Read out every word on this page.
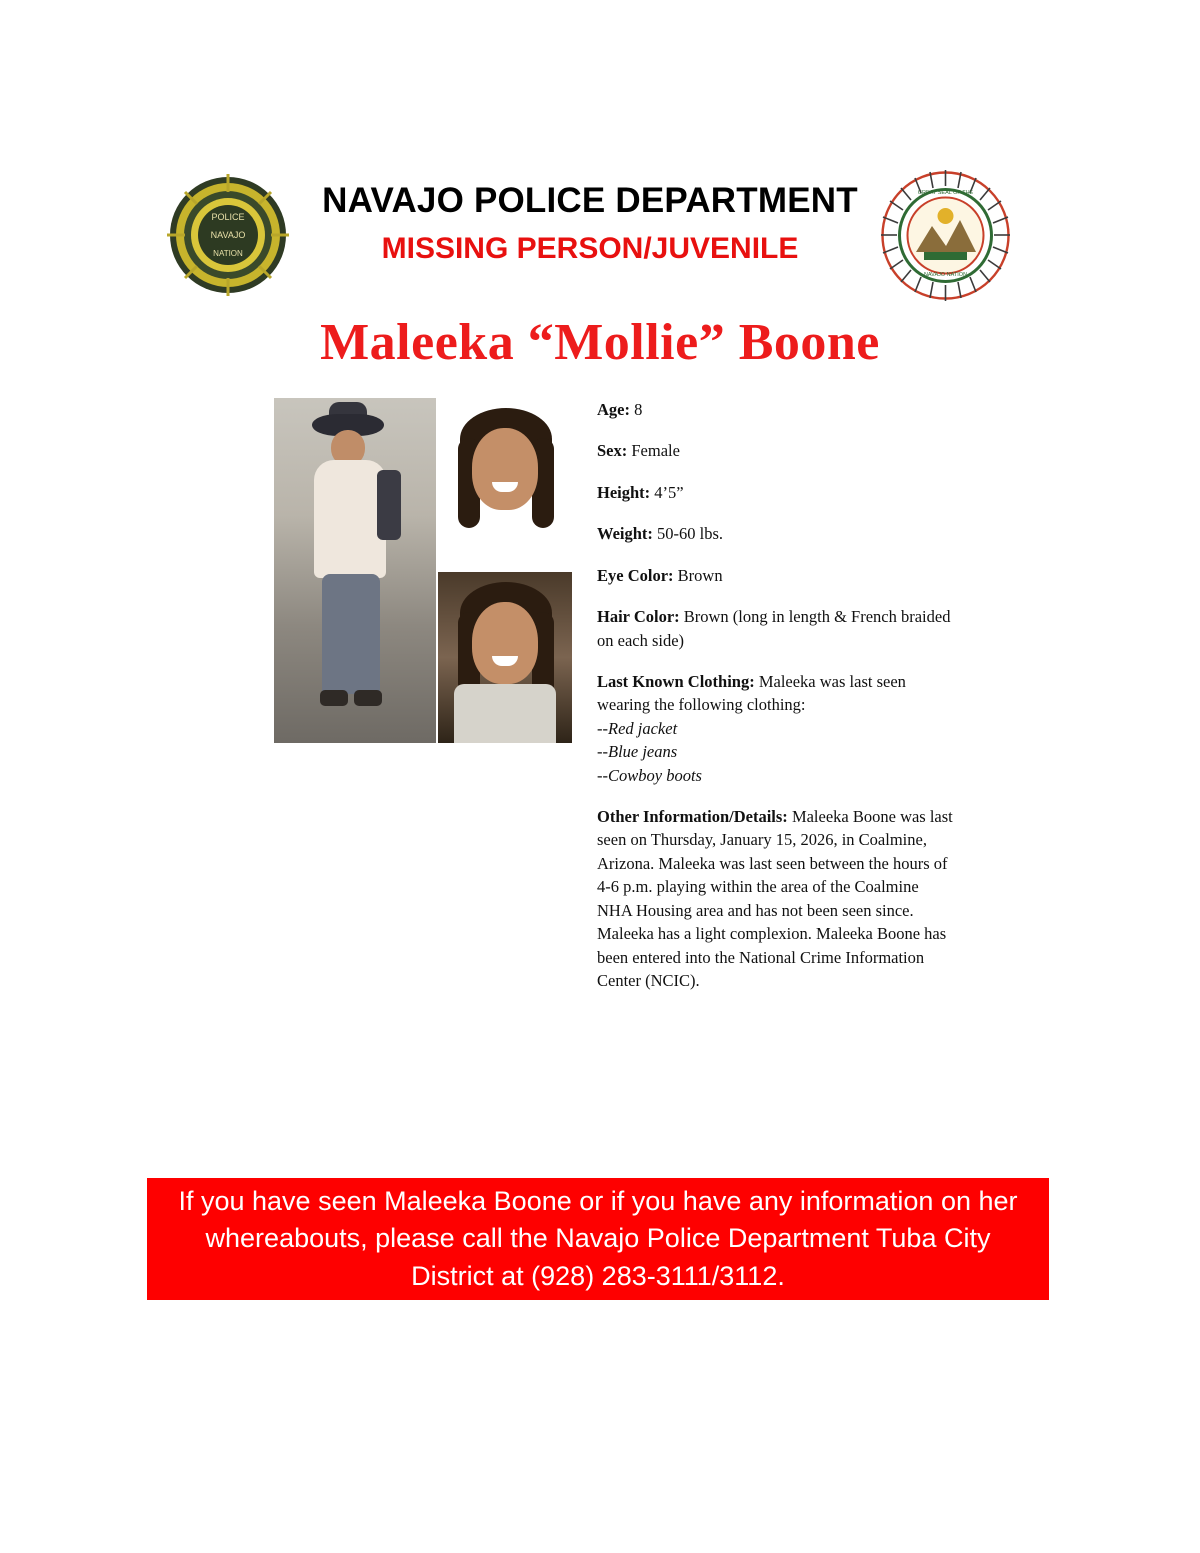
POLICE
NAVAJO
NATION
NAVAJO POLICE DEPARTMENT
MISSING PERSON/JUVENILE
GREAT SEAL OF THE
NAVAJO NATION
Maleeka “Mollie” Boone
Age: 8
Sex: Female
Height: 4’5”
Weight: 50-60 lbs.
Eye Color: Brown
Hair Color: Brown (long in length & French braided on each side)
Last Known Clothing: Maleeka was last seen wearing the following clothing:
--Red jacket
--Blue jeans
--Cowboy boots
Other Information/Details: Maleeka Boone was last seen on Thursday, January 15, 2026, in Coalmine, Arizona. Maleeka was last seen between the hours of 4-6 p.m. playing within the area of the Coalmine NHA Housing area and has not been seen since. Maleeka has a light complexion. Maleeka Boone has been entered into the National Crime Information Center (NCIC).
If you have seen Maleeka Boone or if you have any information on her whereabouts, please call the Navajo Police Department Tuba City District at (928) 283-3111/3112.
